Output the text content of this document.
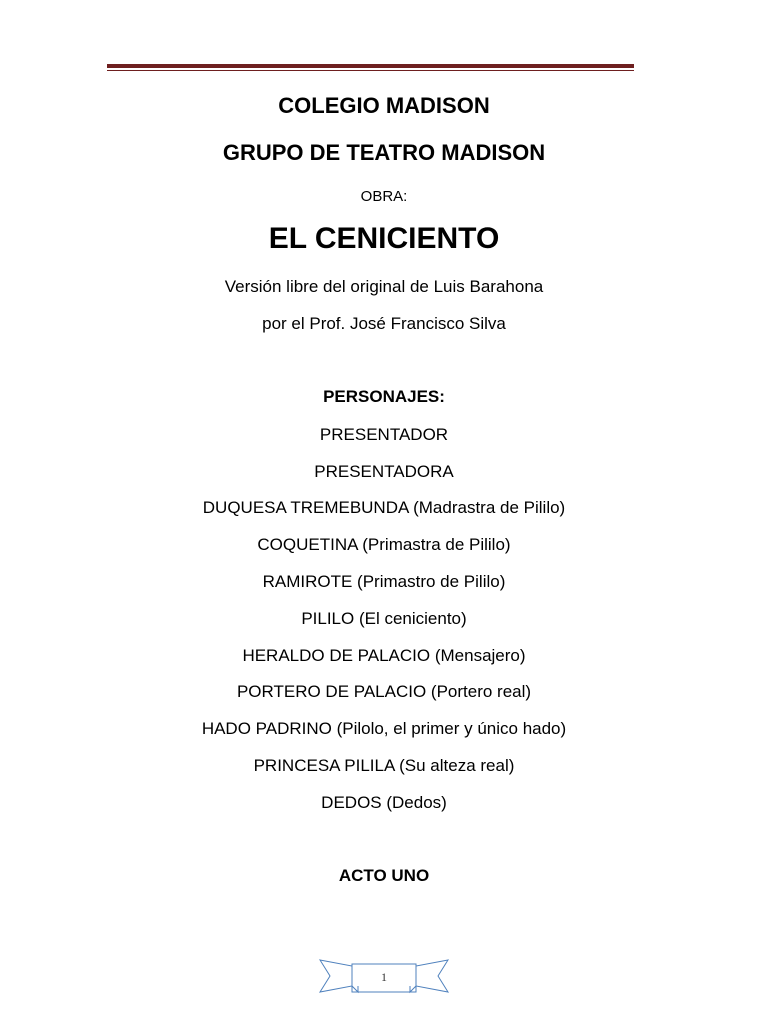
COLEGIO MADISON
GRUPO DE TEATRO MADISON
OBRA:
EL CENICIENTO
Versión libre del original de Luis Barahona
por el Prof. José Francisco Silva
PERSONAJES:
PRESENTADOR
PRESENTADORA
DUQUESA TREMEBUNDA (Madrastra de Pililo)
COQUETINA (Primastra de Pililo)
RAMIROTE (Primastro de Pililo)
PILILO (El ceniciento)
HERALDO DE PALACIO (Mensajero)
PORTERO DE PALACIO (Portero real)
HADO PADRINO (Pilolo, el primer y único hado)
PRINCESA PILILA (Su alteza real)
DEDOS (Dedos)
ACTO UNO
1
